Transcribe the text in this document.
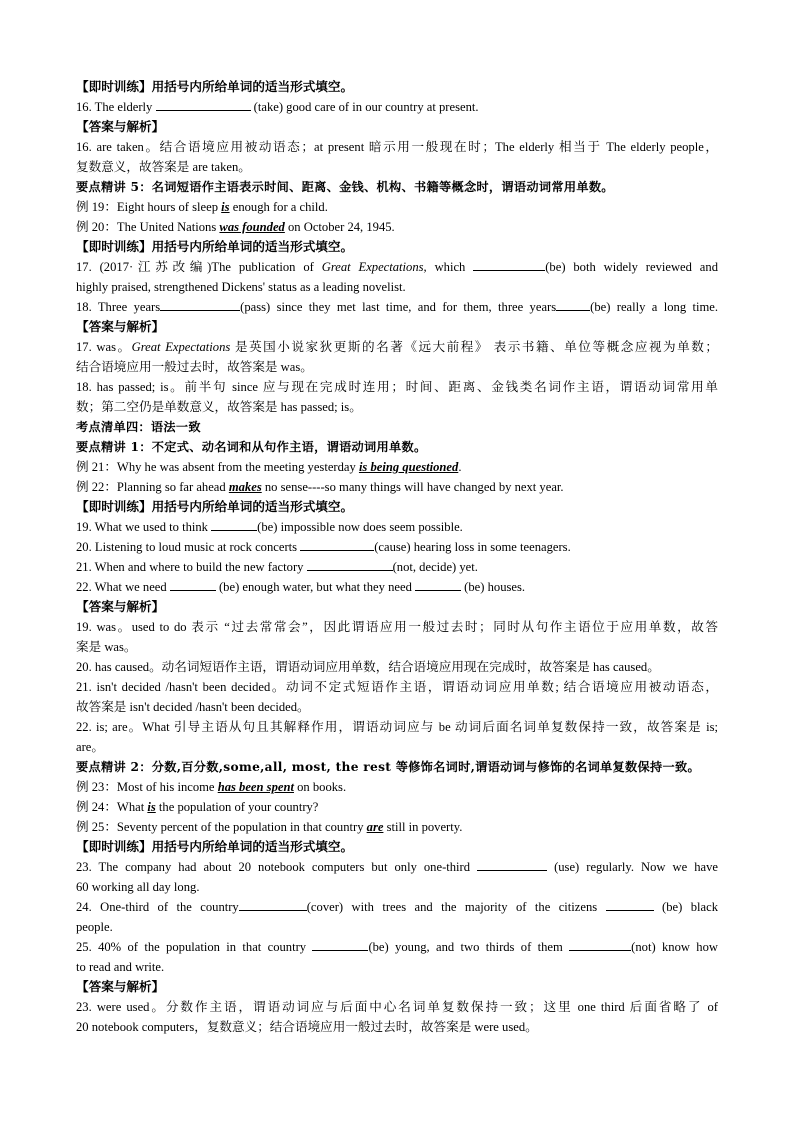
【即时训练】用括号内所给单词的适当形式填空。
16. The elderly	(take) good care of in our country at present.
【答案与解析】
16. are taken。结合语境应用被动语态；at present 暗示用一般现在时；The elderly 相当于 The elderly people，
复数意义，故答案是 are taken。
要点精讲 5：名词短语作主语表示时间、距离、金钱、机构、书籍等概念时，谓语动词常用单数。
例 19：Eight hours of sleep is enough for a child.
例 20：The United Nations was founded on October 24, 1945.
【即时训练】用括号内所给单词的适当形式填空。
17. (2017·江苏改编)The publication of Great Expectations, which	(be) both widely reviewed and
highly praised, strengthened Dickens' status as a leading novelist.
18. Three years	(pass) since they met last time, and for them, three years	(be) really a long time.
【答案与解析】
17. was。Great Expectations 是英国小说家狄更斯的名著《远大前程》 表示书籍、单位等概念应视为单数；
结合语境应用一般过去时，故答案是 was。
18. has passed; is。前半句 since 应与现在完成时连用；时间、距离、金钱类名词作主语，谓语动词常用单
数；第二空仍是单数意义，故答案是 has passed; is。
考点清单四：语法一致
要点精讲 1：不定式、动名词和从句作主语，谓语动词用单数。
例 21：Why he was absent from the meeting yesterday is being questioned.
例 22：Planning so far ahead makes no sense----so many things will have changed by next year.
【即时训练】用括号内所给单词的适当形式填空。
19. What we used to think	(be) impossible now does seem possible.
20. Listening to loud music at rock concerts	(cause) hearing loss in some teenagers.
21. When and where to build the new factory	(not, decide) yet.
22. What we need	(be) enough water, but what they need	(be) houses.
【答案与解析】
19. was。used to do 表示 “过去常常会”，因此谓语应用一般过去时；同时从句作主语位于应用单数，故答
案是 was。
20. has caused。动名词短语作主语，谓语动词应用单数，结合语境应用现在完成时，故答案是 has caused。
21. isn't decided /hasn't been decided。动词不定式短语作主语，谓语动词应用单数; 结合语境应用被动语态，
故答案是 isn't decided /hasn't been decided。
22. is; are。What 引导主语从句且其解释作用，谓语动词应与 be 动词后面名词单复数保持一致，故答案是 is;
are。
要点精讲 2：分数,百分数,some,all, most, the rest 等修饰名词时,谓语动词与修饰的名词单复数保持一致。
例 23：Most of his income has been spent on books.
例 24：What is the population of your country?
例 25：Seventy percent of the population in that country are still in poverty.
【即时训练】用括号内所给单词的适当形式填空。
23. The company had about 20 notebook computers but only one-third	(use) regularly. Now we have
60 working all day long.
24. One-third of the country	(cover) with trees and the majority of the citizens	(be) black
people.
25. 40% of the population in that country	(be) young, and two thirds of them	(not) know how
to read and write.
【答案与解析】
23. were used。分数作主语，谓语动词应与后面中心名词单复数保持一致；这里 one third 后面省略了 of
20 notebook computers，复数意义；结合语境应用一般过去时，故答案是 were used。
